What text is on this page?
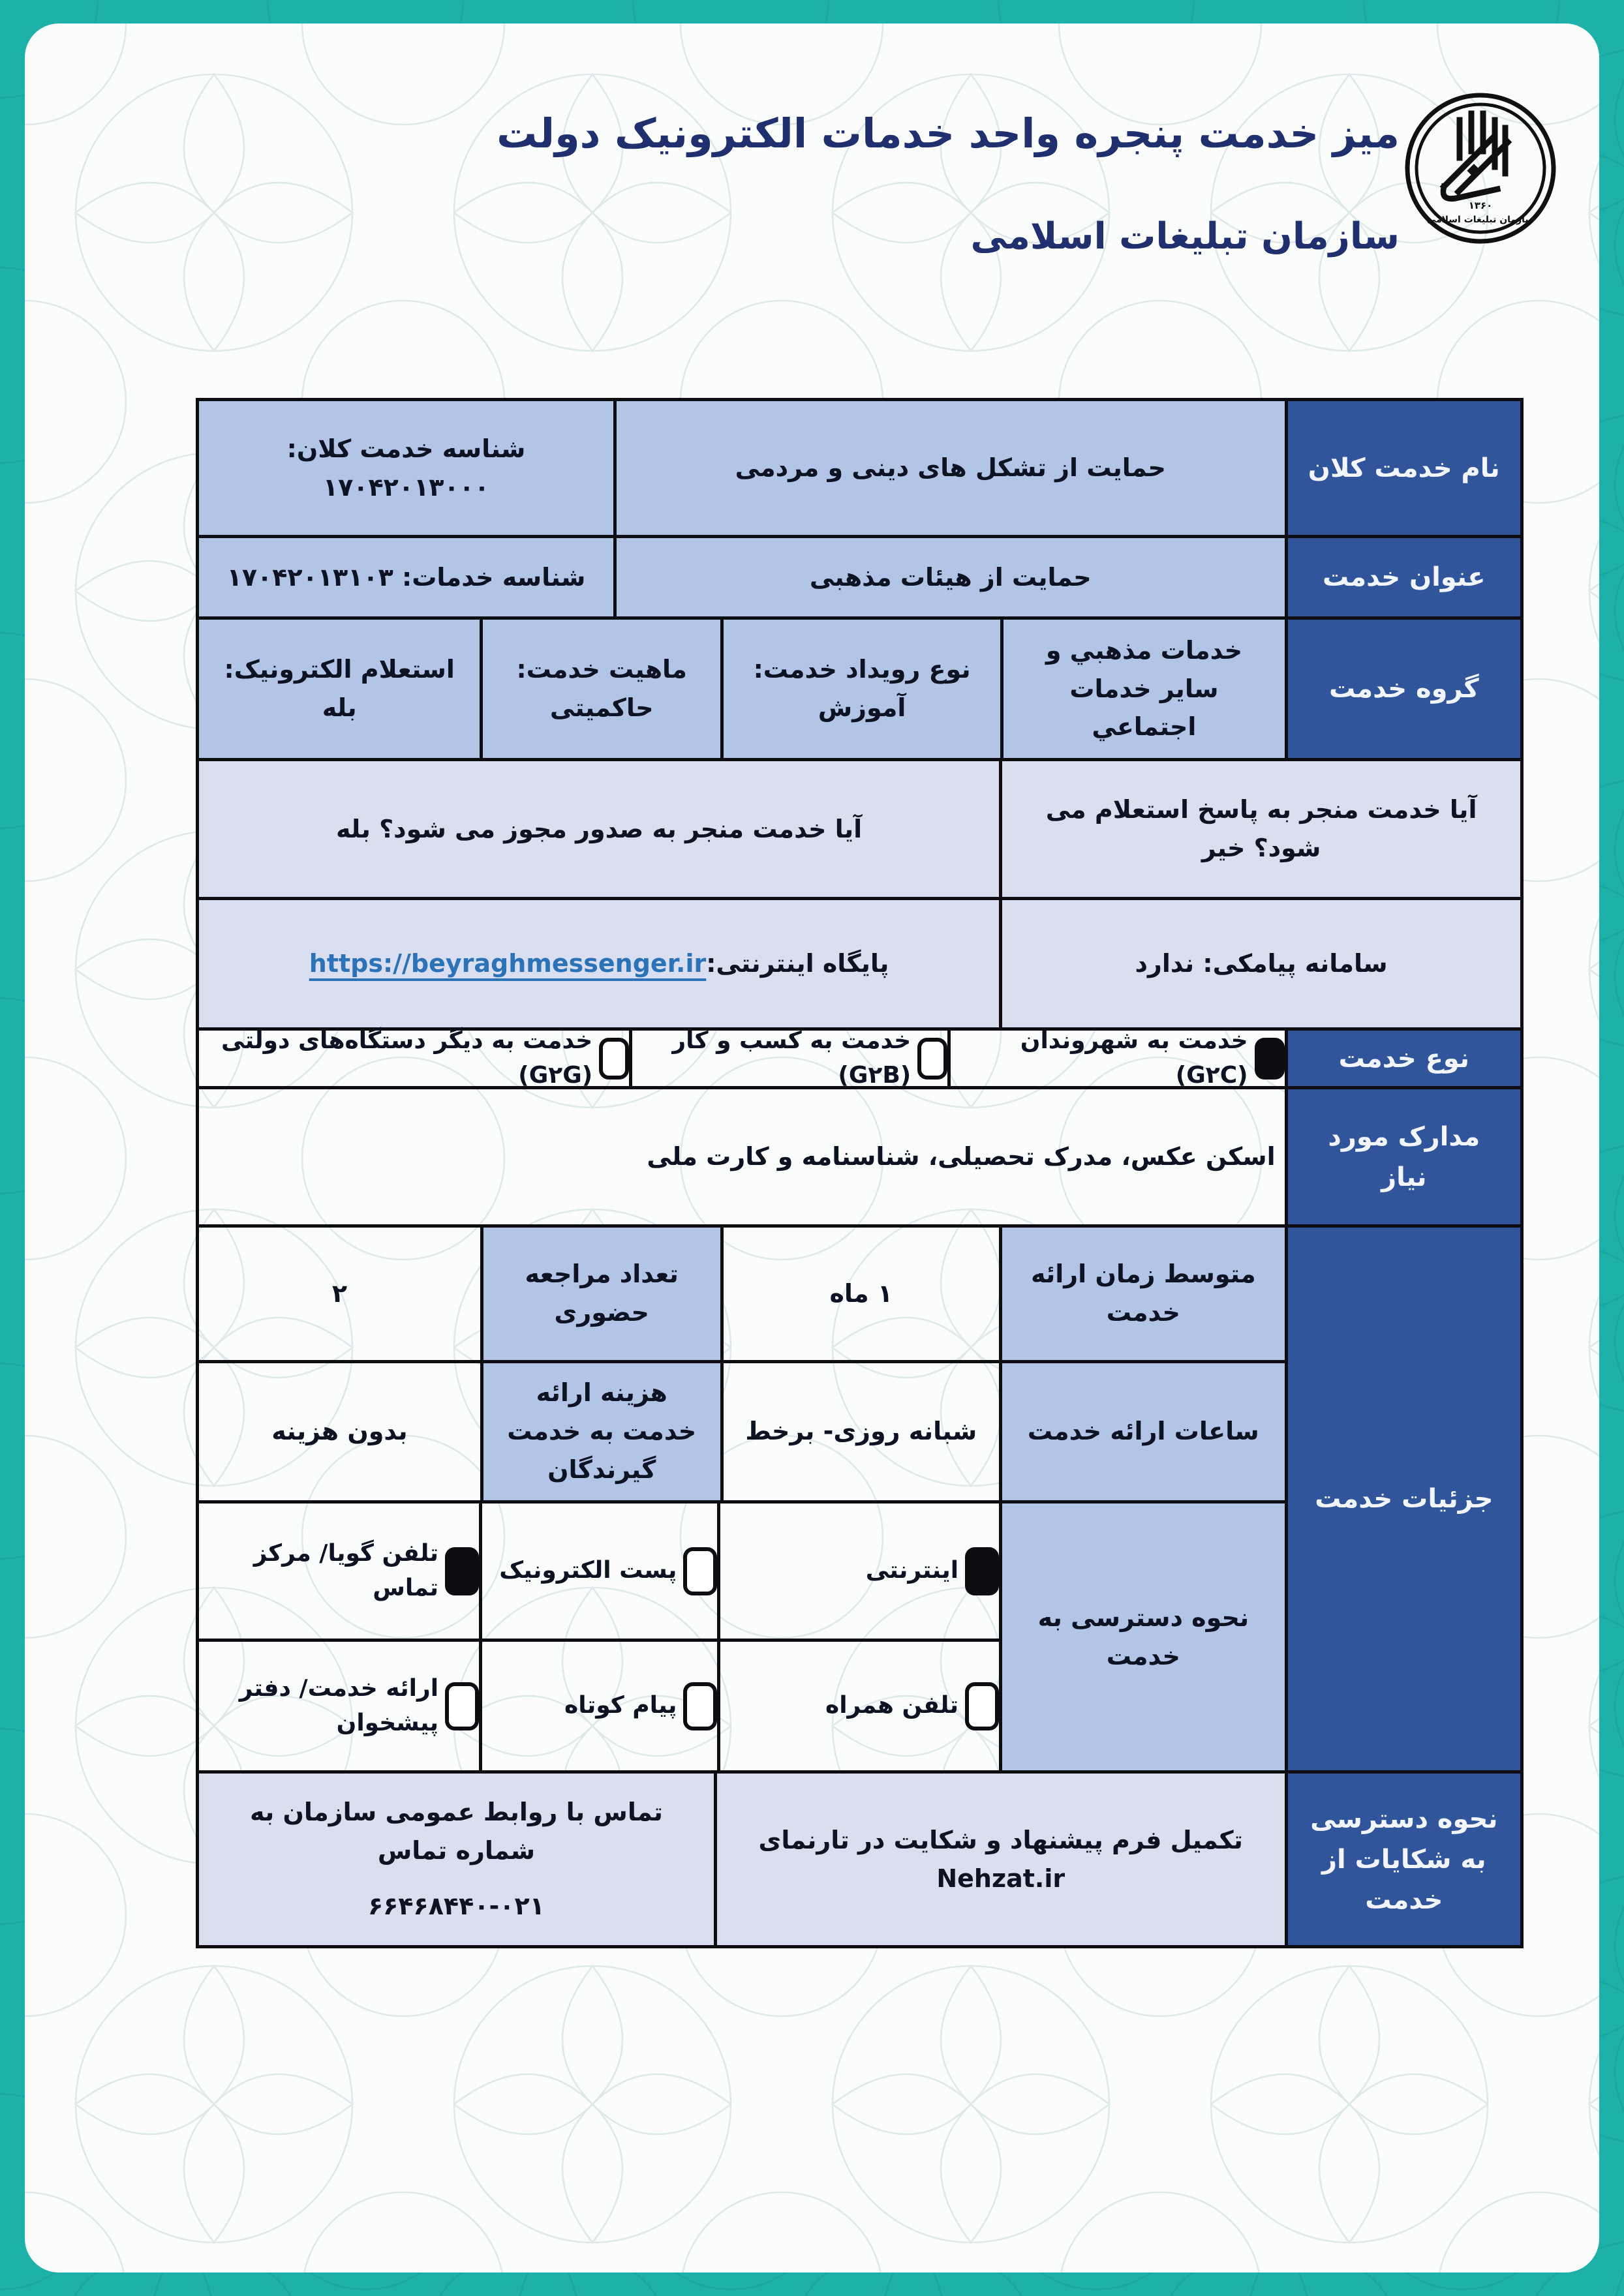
میز خدمت پنجره واحد خدمات الکترونیک دولت
سازمان تبلیغات اسلامی
۱۳۶۰
سازمان تبلیغات اسلامی
نام خدمت کلان
حمایت از تشکل های دینی و مردمی
شناسه خدمت کلان: ۱۷۰۴۲۰۱۳۰۰۰
عنوان خدمت
حمایت از هیئات مذهبی
شناسه خدمات: ۱۷۰۴۲۰۱۳۱۰۳
گروه خدمت
خدمات مذهبي و سایر خدمات اجتماعي
نوع رویداد خدمت: آموزش
ماهیت خدمت: حاکمیتی
استعلام الکترونیک: بله
آیا خدمت منجر به پاسخ استعلام می شود؟ خیر
آیا خدمت منجر به صدور مجوز می شود؟ بله
سامانه پیامکی: ندارد
پایگاه اینترنتی:
https://beyraghmessenger.ir
نوع خدمت
خدمت به شهروندان (G۲C)
خدمت به کسب و کار (G۲B)
خدمت به دیگر دستگاه‌های دولتی (G۲G)
مدارک مورد نیاز
اسکن عکس، مدرک تحصیلی، شناسنامه و کارت ملی
جزئیات خدمت
متوسط زمان ارائه خدمت
۱ ماه
تعداد مراجعه حضوری
۲
ساعات ارائه خدمت
شبانه روزی- برخط
هزینه ارائه خدمت به خدمت گیرندگان
بدون هزینه
نحوه دسترسی به خدمت
اینترنتی
پست الکترونیک
تلفن گویا/ مرکز تماس
تلفن همراه
پیام کوتاه
ارائه خدمت/ دفتر پیشخوان
نحوه دسترسی به شکایات از خدمت
تکمیل فرم پیشنهاد و شکایت در تارنمای Nehzat.ir
تماس با روابط عمومی سازمان به شماره تماس
۶۶۴۶۸۴۴۰-۰۲۱
